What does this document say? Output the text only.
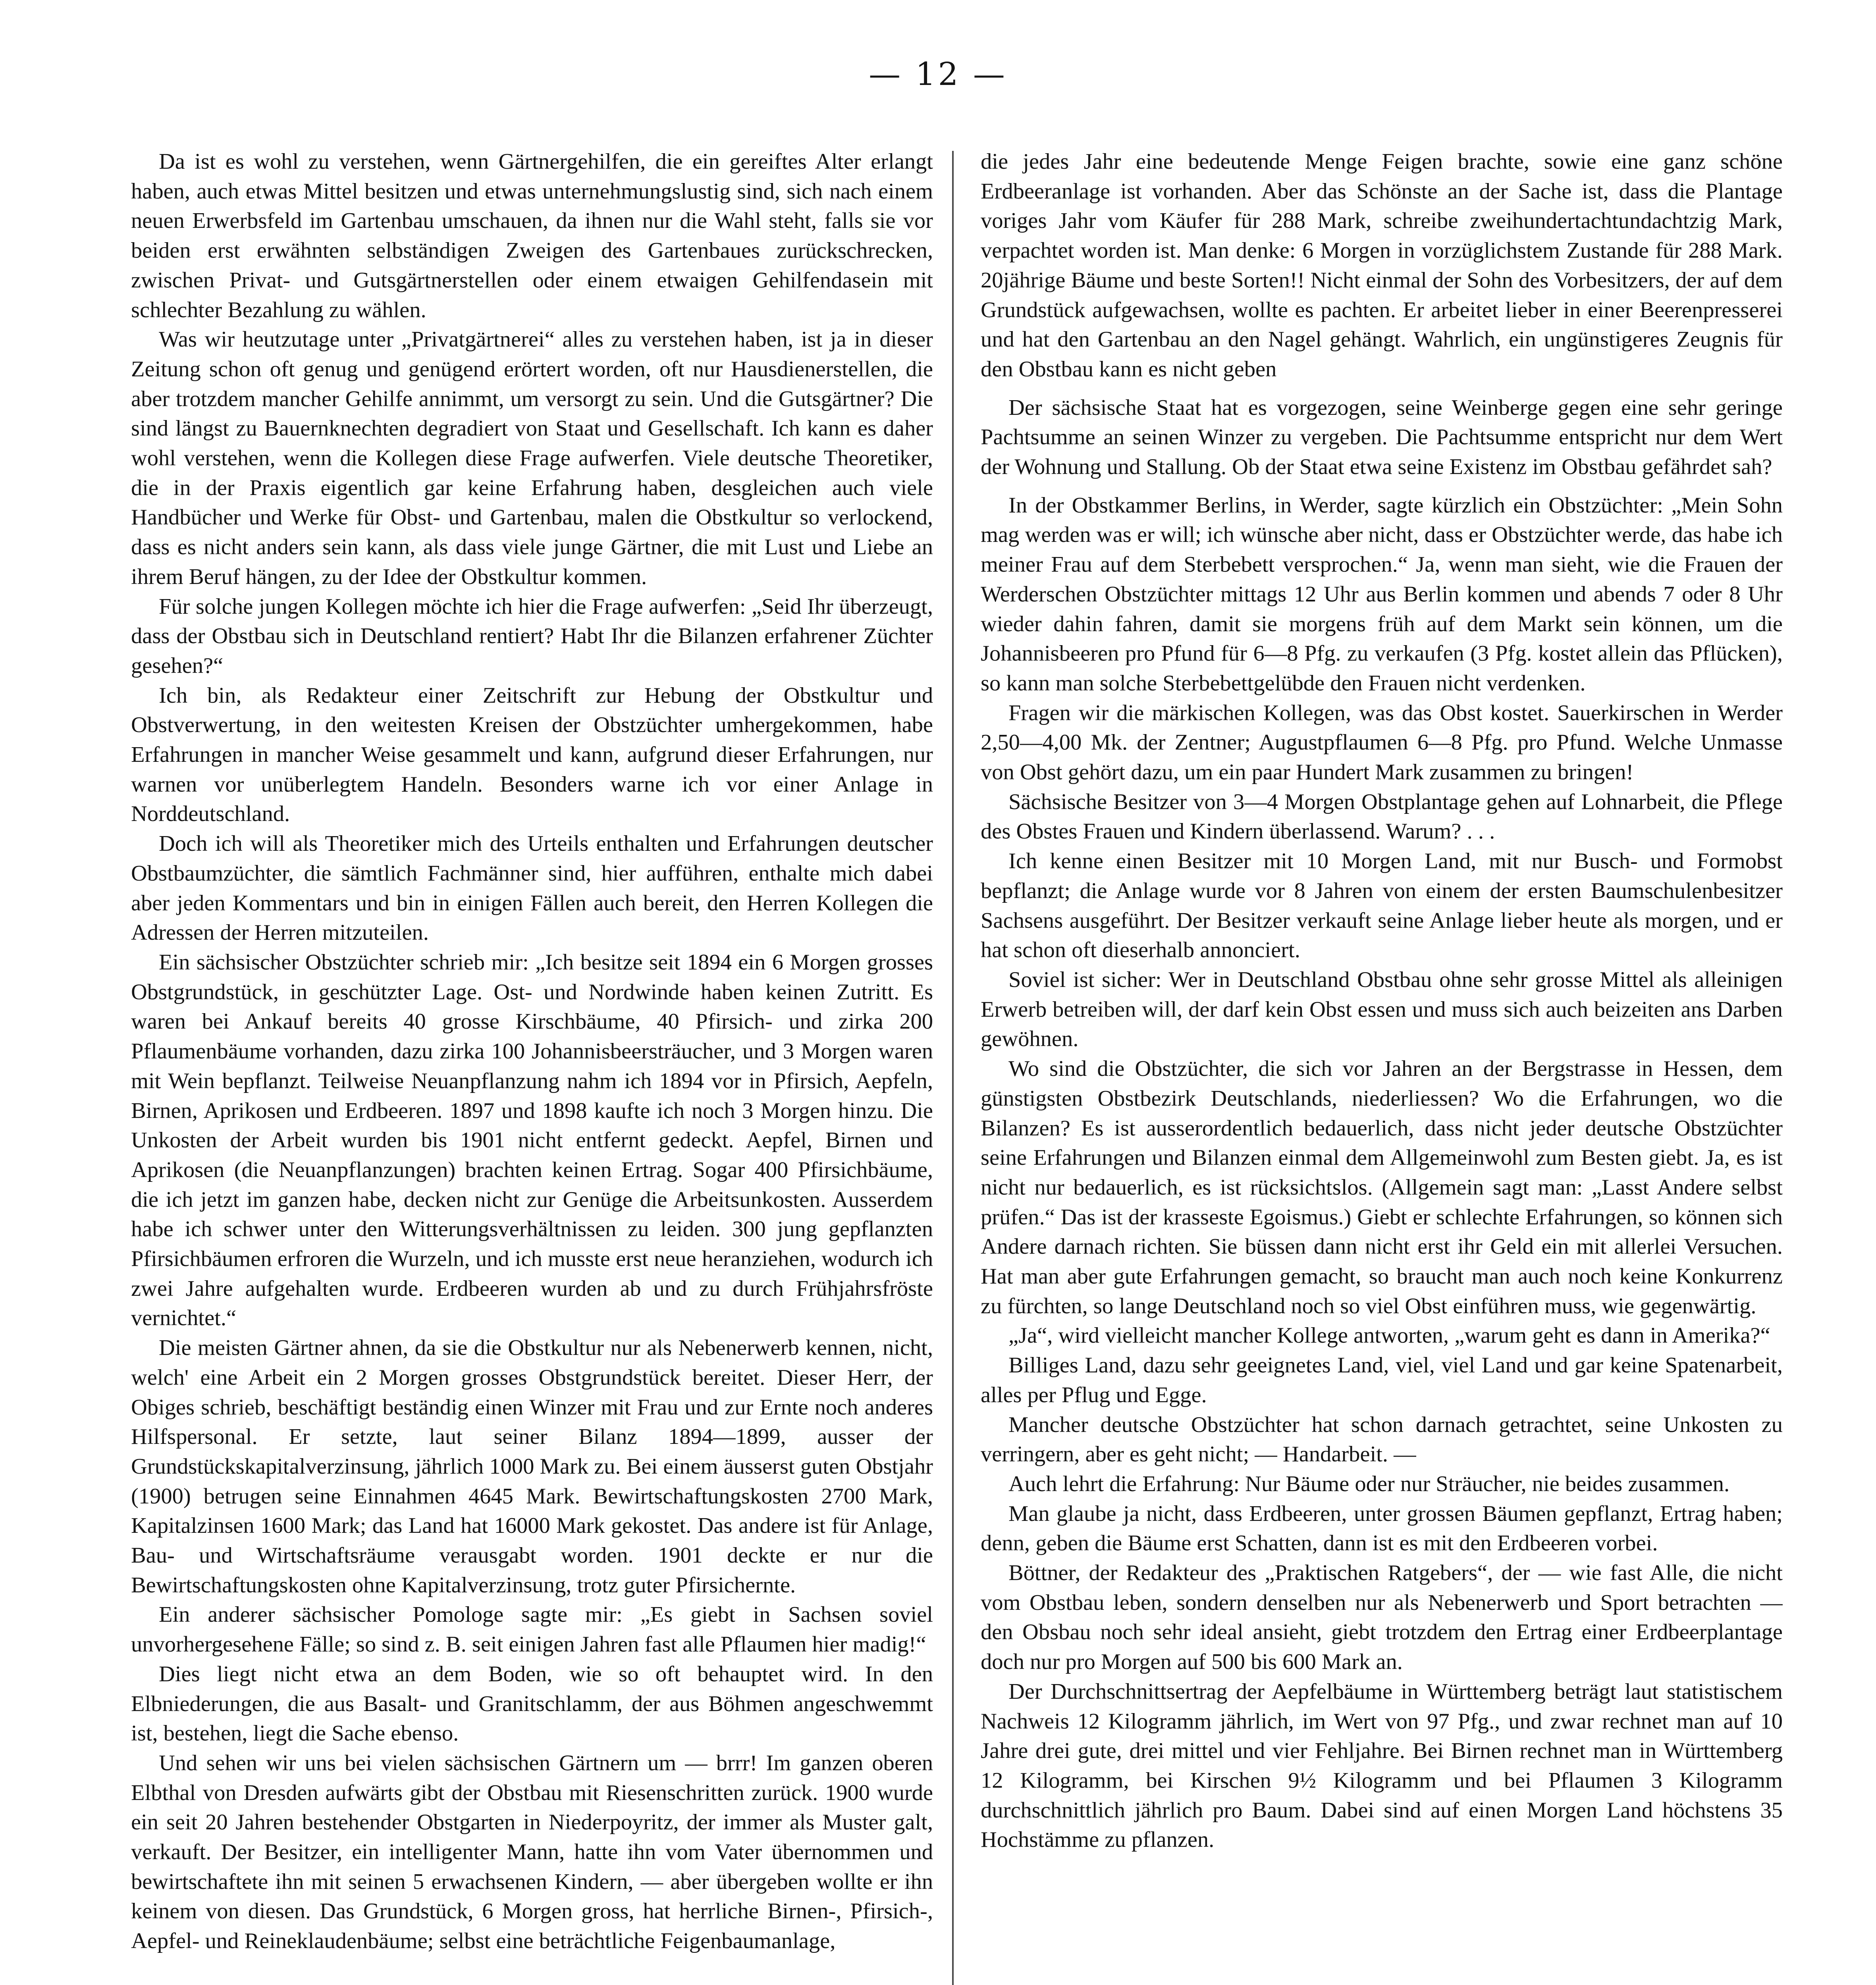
— 12 —

Da ist es wohl zu verstehen, wenn Gärtnergehilfen, die ein gereiftes Alter erlangt haben, auch etwas Mittel besitzen und etwas unternehmungslustig sind, sich nach einem neuen Erwerbsfeld im Gartenbau umschauen, da ihnen nur die Wahl steht, falls sie vor beiden erst erwähnten selbständigen Zweigen des Gartenbaues zurückschrecken, zwischen Privat- und Gutsgärtnerstellen oder einem etwaigen Gehilfendasein mit schlechter Bezahlung zu wählen.

Was wir heutzutage unter „Privatgärtnerei“ alles zu verstehen haben, ist ja in dieser Zeitung schon oft genug und genügend erörtert worden, oft nur Hausdienerstellen, die aber trotzdem mancher Gehilfe annimmt, um versorgt zu sein. Und die Gutsgärtner? Die sind längst zu Bauernknechten degradiert von Staat und Gesellschaft. Ich kann es daher wohl verstehen, wenn die Kollegen diese Frage aufwerfen. Viele deutsche Theoretiker, die in der Praxis eigentlich gar keine Erfahrung haben, desgleichen auch viele Handbücher und Werke für Obst- und Gartenbau, malen die Obstkultur so verlockend, dass es nicht anders sein kann, als dass viele junge Gärtner, die mit Lust und Liebe an ihrem Beruf hängen, zu der Idee der Obstkultur kommen.

Für solche jungen Kollegen möchte ich hier die Frage aufwerfen: „Seid Ihr überzeugt, dass der Obstbau sich in Deutschland rentiert? Habt Ihr die Bilanzen erfahrener Züchter gesehen?“

Ich bin, als Redakteur einer Zeitschrift zur Hebung der Obstkultur und Obstverwertung, in den weitesten Kreisen der Obstzüchter umhergekommen, habe Erfahrungen in mancher Weise gesammelt und kann, aufgrund dieser Erfahrungen, nur warnen vor unüberlegtem Handeln. Besonders warne ich vor einer Anlage in Norddeutschland.

Doch ich will als Theoretiker mich des Urteils enthalten und Erfahrungen deutscher Obstbaumzüchter, die sämtlich Fachmänner sind, hier aufführen, enthalte mich dabei aber jeden Kommentars und bin in einigen Fällen auch bereit, den Herren Kollegen die Adressen der Herren mitzuteilen.

Ein sächsischer Obstzüchter schrieb mir: „Ich besitze seit 1894 ein 6 Morgen grosses Obstgrundstück, in geschützter Lage. Ost- und Nordwinde haben keinen Zutritt. Es waren bei Ankauf bereits 40 grosse Kirschbäume, 40 Pfirsich- und zirka 200 Pflaumenbäume vorhanden, dazu zirka 100 Johannisbeersträucher, und 3 Morgen waren mit Wein bepflanzt. Teilweise Neuanpflanzung nahm ich 1894 vor in Pfirsich, Aepfeln, Birnen, Aprikosen und Erdbeeren. 1897 und 1898 kaufte ich noch 3 Morgen hinzu. Die Unkosten der Arbeit wurden bis 1901 nicht entfernt gedeckt. Aepfel, Birnen und Aprikosen (die Neuanpflanzungen) brachten keinen Ertrag. Sogar 400 Pfirsichbäume, die ich jetzt im ganzen habe, decken nicht zur Genüge die Arbeitsunkosten. Ausserdem habe ich schwer unter den Witterungsverhältnissen zu leiden. 300 jung gepflanzten Pfirsichbäumen erfroren die Wurzeln, und ich musste erst neue heranziehen, wodurch ich zwei Jahre aufgehalten wurde. Erdbeeren wurden ab und zu durch Frühjahrsfröste vernichtet.“

Die meisten Gärtner ahnen, da sie die Obstkultur nur als Nebenerwerb kennen, nicht, welch' eine Arbeit ein 2 Morgen grosses Obstgrundstück bereitet. Dieser Herr, der Obiges schrieb, beschäftigt beständig einen Winzer mit Frau und zur Ernte noch anderes Hilfspersonal. Er setzte, laut seiner Bilanz 1894—1899, ausser der Grundstückskapitalverzinsung, jährlich 1000 Mark zu. Bei einem äusserst guten Obstjahr (1900) betrugen seine Einnahmen 4645 Mark. Bewirtschaftungskosten 2700 Mark, Kapitalzinsen 1600 Mark; das Land hat 16000 Mark gekostet. Das andere ist für Anlage, Bau- und Wirtschaftsräume verausgabt worden. 1901 deckte er nur die Bewirtschaftungskosten ohne Kapitalverzinsung, trotz guter Pfirsichernte.

Ein anderer sächsischer Pomologe sagte mir: „Es giebt in Sachsen soviel unvorhergesehene Fälle; so sind z. B. seit einigen Jahren fast alle Pflaumen hier madig!“

Dies liegt nicht etwa an dem Boden, wie so oft behauptet wird. In den Elbniederungen, die aus Basalt- und Granitschlamm, der aus Böhmen angeschwemmt ist, bestehen, liegt die Sache ebenso.

Und sehen wir uns bei vielen sächsischen Gärtnern um — brrr! Im ganzen oberen Elbthal von Dresden aufwärts gibt der Obstbau mit Riesenschritten zurück. 1900 wurde ein seit 20 Jahren bestehender Obstgarten in Niederpoyritz, der immer als Muster galt, verkauft. Der Besitzer, ein intelligenter Mann, hatte ihn vom Vater übernommen und bewirtschaftete ihn mit seinen 5 erwachsenen Kindern, — aber übergeben wollte er ihn keinem von diesen. Das Grundstück, 6 Morgen gross, hat herrliche Birnen-, Pfirsich-, Aepfel- und Reineklaudenbäume; selbst eine beträchtliche Feigenbaumanlage,

die jedes Jahr eine bedeutende Menge Feigen brachte, sowie eine ganz schöne Erdbeeranlage ist vorhanden. Aber das Schönste an der Sache ist, dass die Plantage voriges Jahr vom Käufer für 288 Mark, schreibe zweihundertachtundachtzig Mark, verpachtet worden ist. Man denke: 6 Morgen in vorzüglichstem Zustande für 288 Mark. 20jährige Bäume und beste Sorten!! Nicht einmal der Sohn des Vorbesitzers, der auf dem Grundstück aufgewachsen, wollte es pachten. Er arbeitet lieber in einer Beerenpresserei und hat den Gartenbau an den Nagel gehängt. Wahrlich, ein ungünstigeres Zeugnis für den Obstbau kann es nicht geben

Der sächsische Staat hat es vorgezogen, seine Weinberge gegen eine sehr geringe Pachtsumme an seinen Winzer zu vergeben. Die Pachtsumme entspricht nur dem Wert der Wohnung und Stallung. Ob der Staat etwa seine Existenz im Obstbau gefährdet sah?

In der Obstkammer Berlins, in Werder, sagte kürzlich ein Obstzüchter: „Mein Sohn mag werden was er will; ich wünsche aber nicht, dass er Obstzüchter werde, das habe ich meiner Frau auf dem Sterbebett versprochen.“ Ja, wenn man sieht, wie die Frauen der Werderschen Obstzüchter mittags 12 Uhr aus Berlin kommen und abends 7 oder 8 Uhr wieder dahin fahren, damit sie morgens früh auf dem Markt sein können, um die Johannisbeeren pro Pfund für 6—8 Pfg. zu verkaufen (3 Pfg. kostet allein das Pflücken), so kann man solche Sterbebettgelübde den Frauen nicht verdenken.

Fragen wir die märkischen Kollegen, was das Obst kostet. Sauerkirschen in Werder 2,50—4,00 Mk. der Zentner; Augustpflaumen 6—8 Pfg. pro Pfund. Welche Unmasse von Obst gehört dazu, um ein paar Hundert Mark zusammen zu bringen!

Sächsische Besitzer von 3—4 Morgen Obstplantage gehen auf Lohnarbeit, die Pflege des Obstes Frauen und Kindern überlassend. Warum? . . .

Ich kenne einen Besitzer mit 10 Morgen Land, mit nur Busch- und Formobst bepflanzt; die Anlage wurde vor 8 Jahren von einem der ersten Baumschulenbesitzer Sachsens ausgeführt. Der Besitzer verkauft seine Anlage lieber heute als morgen, und er hat schon oft dieserhalb annonciert.

Soviel ist sicher: Wer in Deutschland Obstbau ohne sehr grosse Mittel als alleinigen Erwerb betreiben will, der darf kein Obst essen und muss sich auch beizeiten ans Darben gewöhnen.

Wo sind die Obstzüchter, die sich vor Jahren an der Bergstrasse in Hessen, dem günstigsten Obstbezirk Deutschlands, niederliessen? Wo die Erfahrungen, wo die Bilanzen? Es ist ausserordentlich bedauerlich, dass nicht jeder deutsche Obstzüchter seine Erfahrungen und Bilanzen einmal dem Allgemeinwohl zum Besten giebt. Ja, es ist nicht nur bedauerlich, es ist rücksichtslos. (Allgemein sagt man: „Lasst Andere selbst prüfen.“ Das ist der krasseste Egoismus.) Giebt er schlechte Erfahrungen, so können sich Andere darnach richten. Sie büssen dann nicht erst ihr Geld ein mit allerlei Versuchen. Hat man aber gute Erfahrungen gemacht, so braucht man auch noch keine Konkurrenz zu fürchten, so lange Deutschland noch so viel Obst einführen muss, wie gegenwärtig.

„Ja“, wird vielleicht mancher Kollege antworten, „warum geht es dann in Amerika?“

Billiges Land, dazu sehr geeignetes Land, viel, viel Land und gar keine Spatenarbeit, alles per Pflug und Egge.

Mancher deutsche Obstzüchter hat schon darnach getrachtet, seine Unkosten zu verringern, aber es geht nicht; — Handarbeit. —

Auch lehrt die Erfahrung: Nur Bäume oder nur Sträucher, nie beides zusammen.

Man glaube ja nicht, dass Erdbeeren, unter grossen Bäumen gepflanzt, Ertrag haben; denn, geben die Bäume erst Schatten, dann ist es mit den Erdbeeren vorbei.

Böttner, der Redakteur des „Praktischen Ratgebers“, der — wie fast Alle, die nicht vom Obstbau leben, sondern denselben nur als Nebenerwerb und Sport betrachten — den Obsbau noch sehr ideal ansieht, giebt trotzdem den Ertrag einer Erdbeerplantage doch nur pro Morgen auf 500 bis 600 Mark an.

Der Durchschnittsertrag der Aepfelbäume in Württemberg beträgt laut statistischem Nachweis 12 Kilogramm jährlich, im Wert von 97 Pfg., und zwar rechnet man auf 10 Jahre drei gute, drei mittel und vier Fehljahre. Bei Birnen rechnet man in Württemberg 12 Kilogramm, bei Kirschen 9½ Kilogramm und bei Pflaumen 3 Kilogramm durchschnittlich jährlich pro Baum. Dabei sind auf einen Morgen Land höchstens 35 Hochstämme zu pflanzen.
